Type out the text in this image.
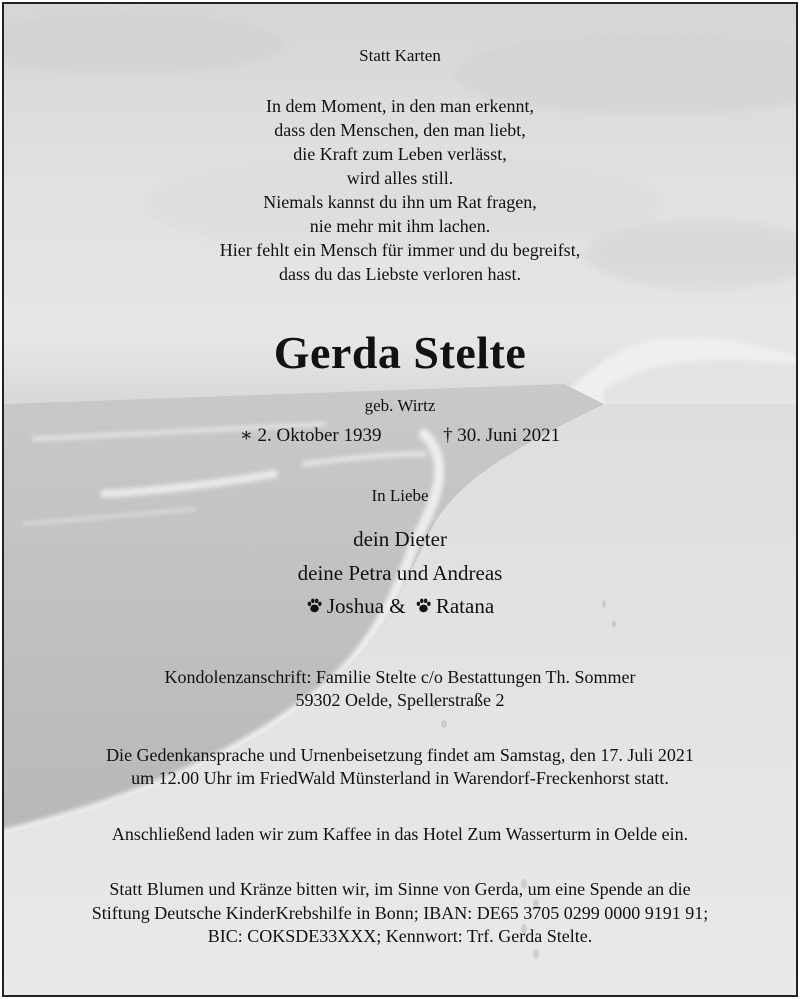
Statt Karten
In dem Moment, in den man erkennt,
dass den Menschen, den man liebt,
die Kraft zum Leben verlässt,
wird alles still.
Niemals kannst du ihn um Rat fragen,
nie mehr mit ihm lachen.
Hier fehlt ein Mensch für immer und du begreifst,
dass du das Liebste verloren hast.
Gerda Stelte
geb. Wirtz
∗ 2. Oktober 1939	† 30. Juni 2021
In Liebe
dein Dieter
deine Petra und Andreas
Joshua & Ratana
Kondolenzanschrift: Familie Stelte c/o Bestattungen Th. Sommer
59302 Oelde, Spellerstraße 2
Die Gedenkansprache und Urnenbeisetzung findet am Samstag, den 17. Juli 2021
um 12.00 Uhr im FriedWald Münsterland in Warendorf-Freckenhorst statt.
Anschließend laden wir zum Kaffee in das Hotel Zum Wasserturm in Oelde ein.
Statt Blumen und Kränze bitten wir, im Sinne von Gerda, um eine Spende an die
Stiftung Deutsche KinderKrebshilfe in Bonn; IBAN: DE65 3705 0299 0000 9191 91;
BIC: COKSDE33XXX; Kennwort: Trf. Gerda Stelte.
